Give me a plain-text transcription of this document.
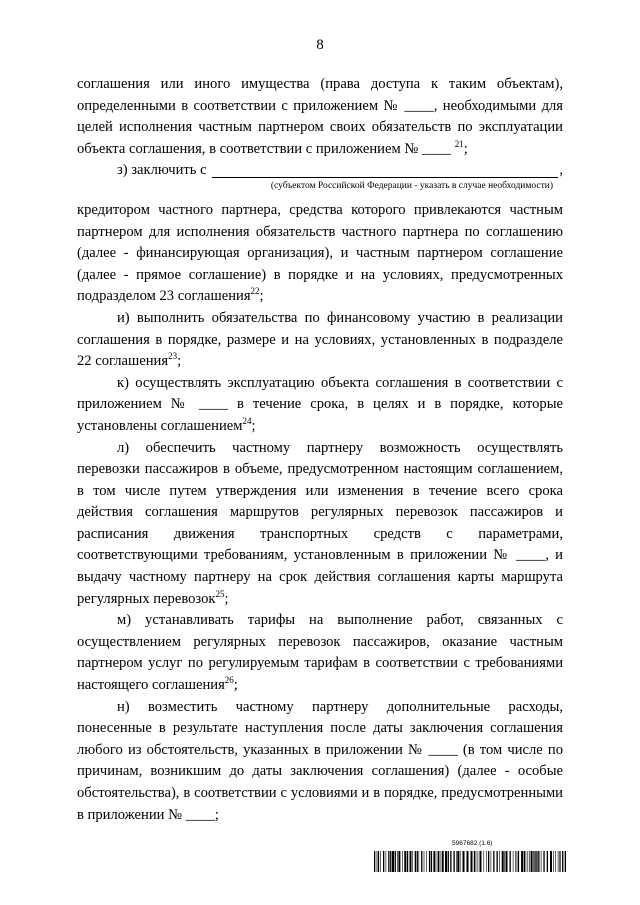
8

соглашения или иного имущества (права доступа к таким объектам), определенными в соответствии с приложением № ____, необходимыми для целей исполнения частным партнером своих обязательств по эксплуатации объекта соглашения, в соответствии с приложением № ____ $^{21}$;

з) заключить с	,
(субъектом Российской Федерации - указать в случае необходимости)

кредитором частного партнера, средства которого привлекаются частным партнером для исполнения обязательств частного партнера по соглашению (далее - финансирующая организация), и частным партнером соглашение (далее - прямое соглашение) в порядке и на условиях, предусмотренных подразделом 23 соглашения$^{22}$;

и) выполнить обязательства по финансовому участию в реализации соглашения в порядке, размере и на условиях, установленных в подразделе 22 соглашения$^{23}$;

к) осуществлять эксплуатацию объекта соглашения в соответствии с приложением № ____ в течение срока, в целях и в порядке, которые установлены соглашением$^{24}$;

л) обеспечить частному партнеру возможность осуществлять перевозки пассажиров в объеме, предусмотренном настоящим соглашением, в том числе путем утверждения или изменения в течение всего срока действия соглашения маршрутов регулярных перевозок пассажиров и расписания движения транспортных средств с параметрами, соответствующими требованиям, установленным в приложении № ____, и выдачу частному партнеру на срок действия соглашения карты маршрута регулярных перевозок$^{25}$;

м) устанавливать тарифы на выполнение работ, связанных с осуществлением регулярных перевозок пассажиров, оказание частным партнером услуг по регулируемым тарифам в соответствии с требованиями настоящего соглашения$^{26}$;

н) возместить частному партнеру дополнительные расходы, понесенные в результате наступления после даты заключения соглашения любого из обстоятельств, указанных в приложении № ____ (в том числе по причинам, возникшим до даты заключения соглашения) (далее - особые обстоятельства), в соответствии с условиями и в порядке, предусмотренными в приложении № ____;

5967682 (1.6)
